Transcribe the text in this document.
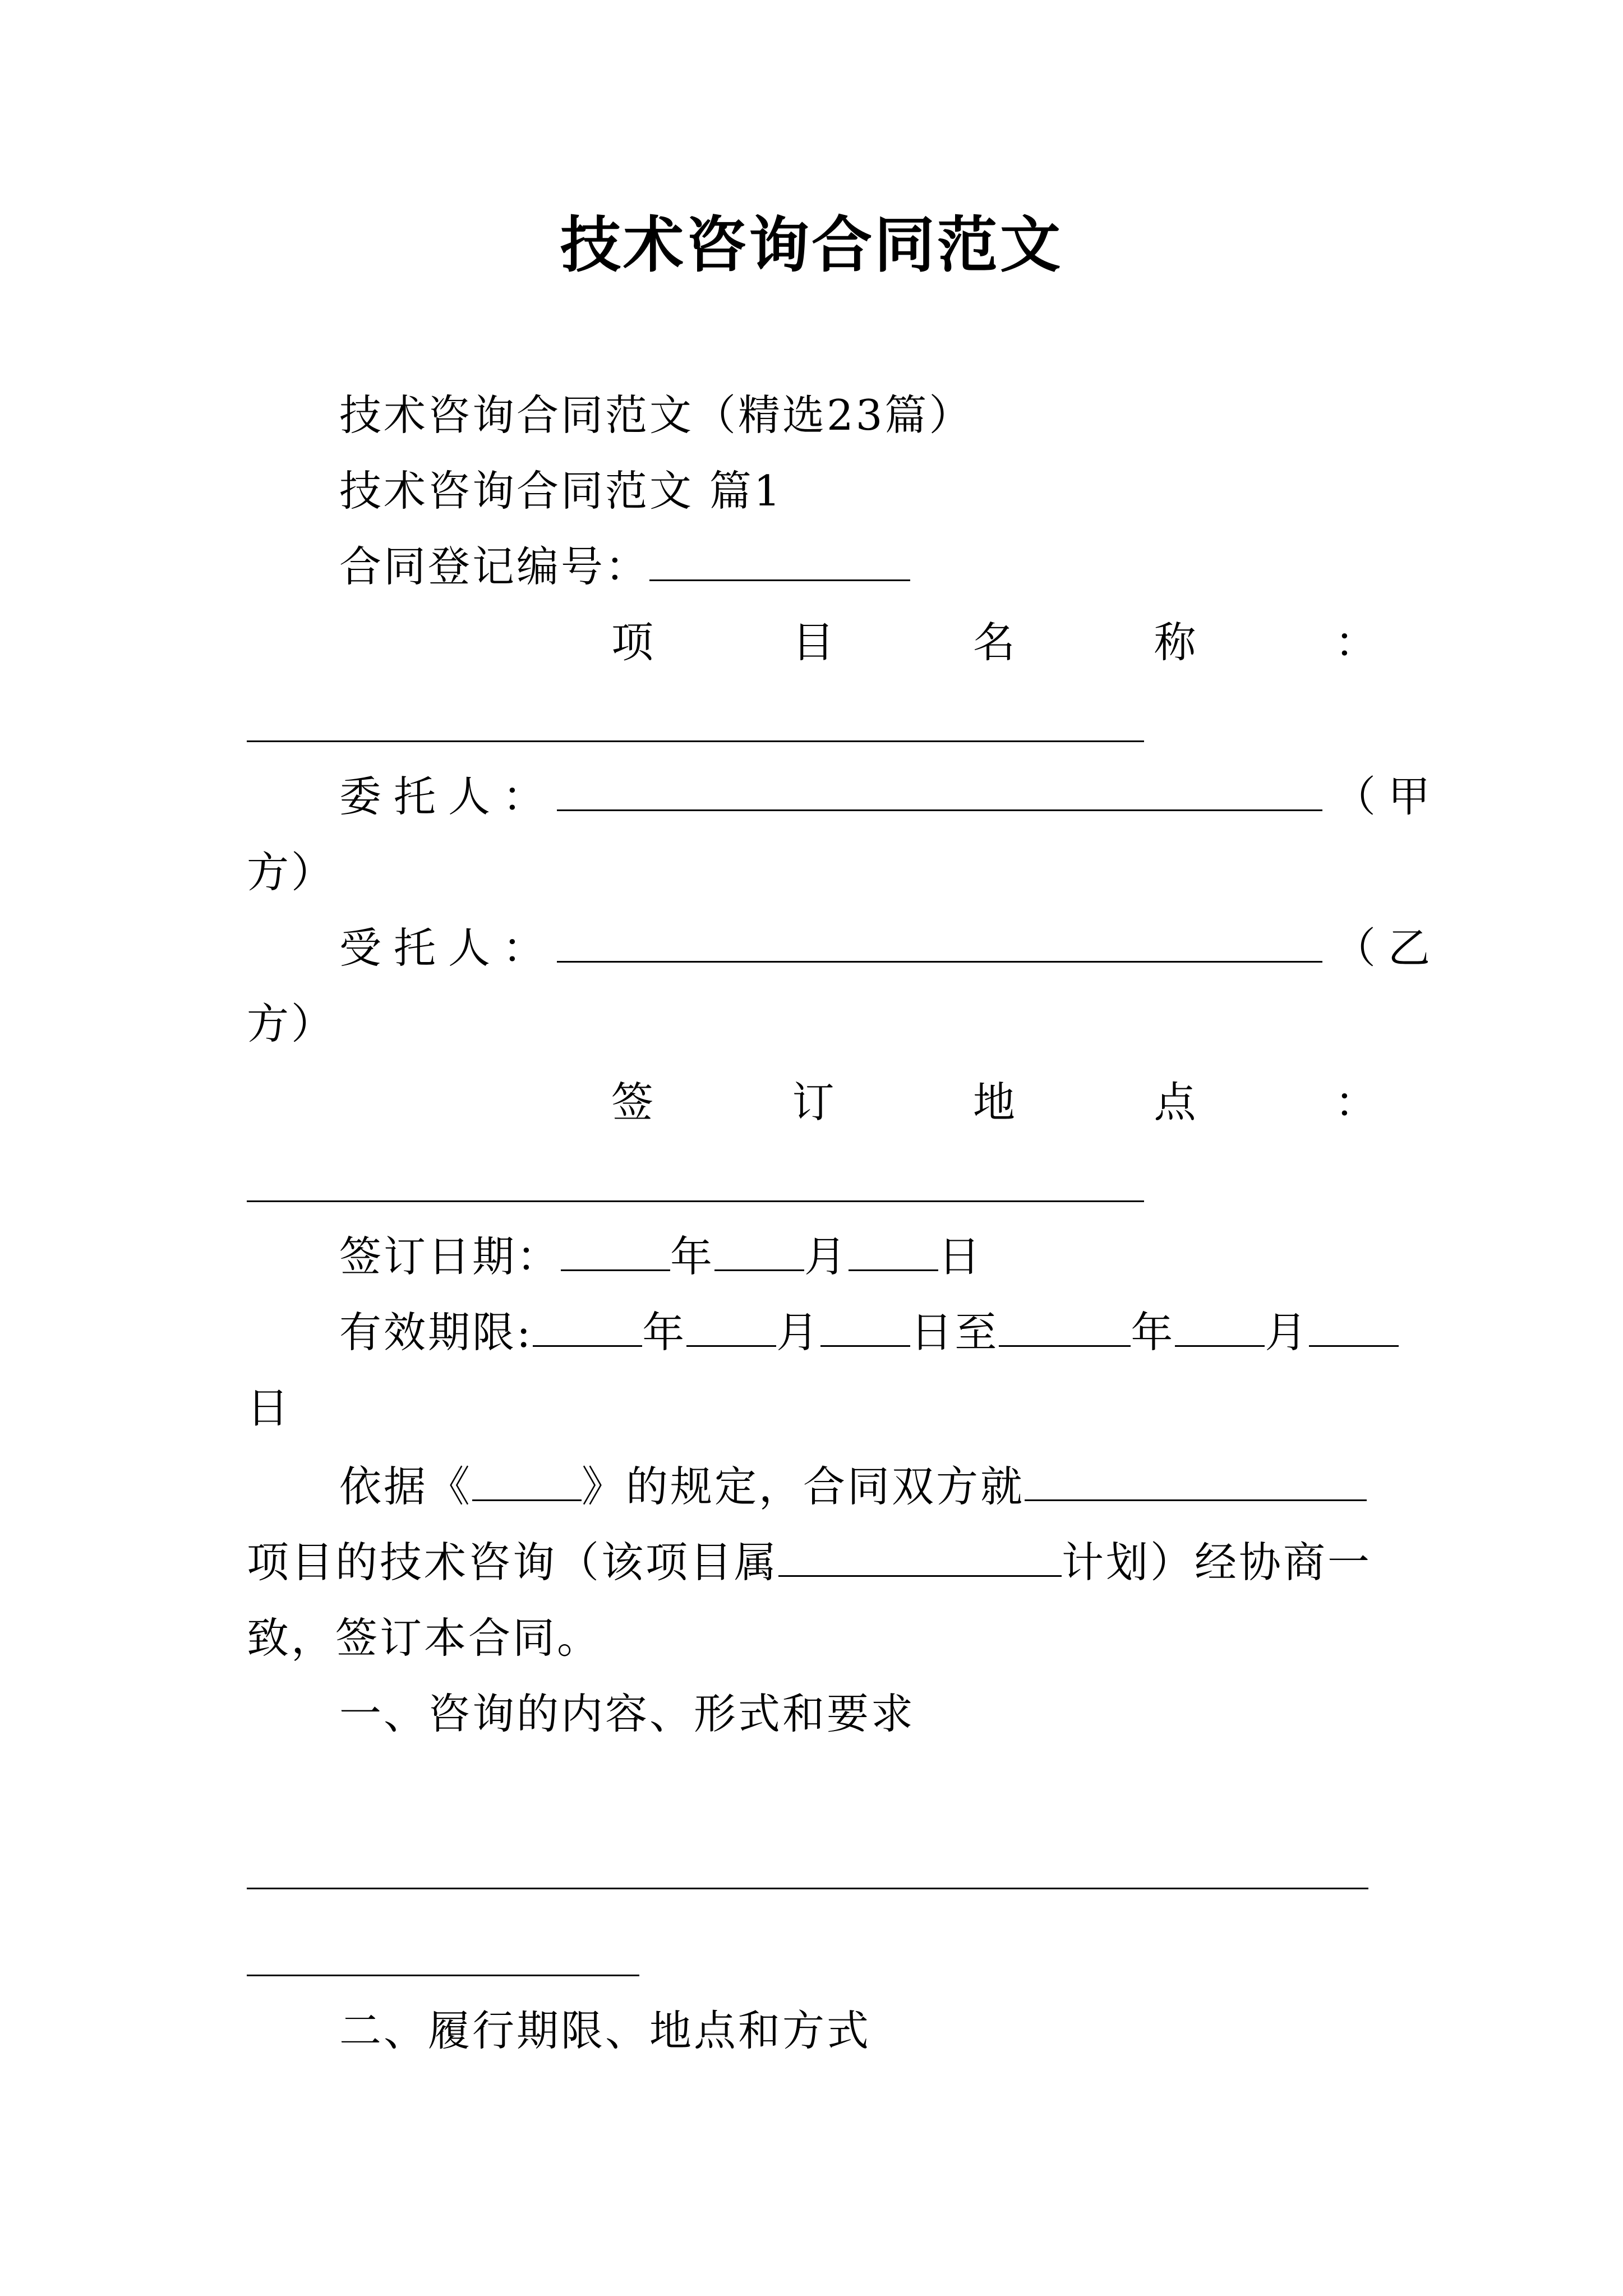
技术咨询合同范文
技术咨询合同范文（精选23篇）
技术咨询合同范文 篇1
合同登记编号：
项	目	名	称	：
委托人：	（甲
方）
受托人：	（乙
方）
签	订	地	点	：
签订日期：	年 月 日
有效期限:	年 月 日至	年 月
日
依据《	》的规定，合同双方就
项目的技术咨询（该项目属	计划）经协商一
致，签订本合同。
一、咨询的内容、形式和要求
二、履行期限、地点和方式
